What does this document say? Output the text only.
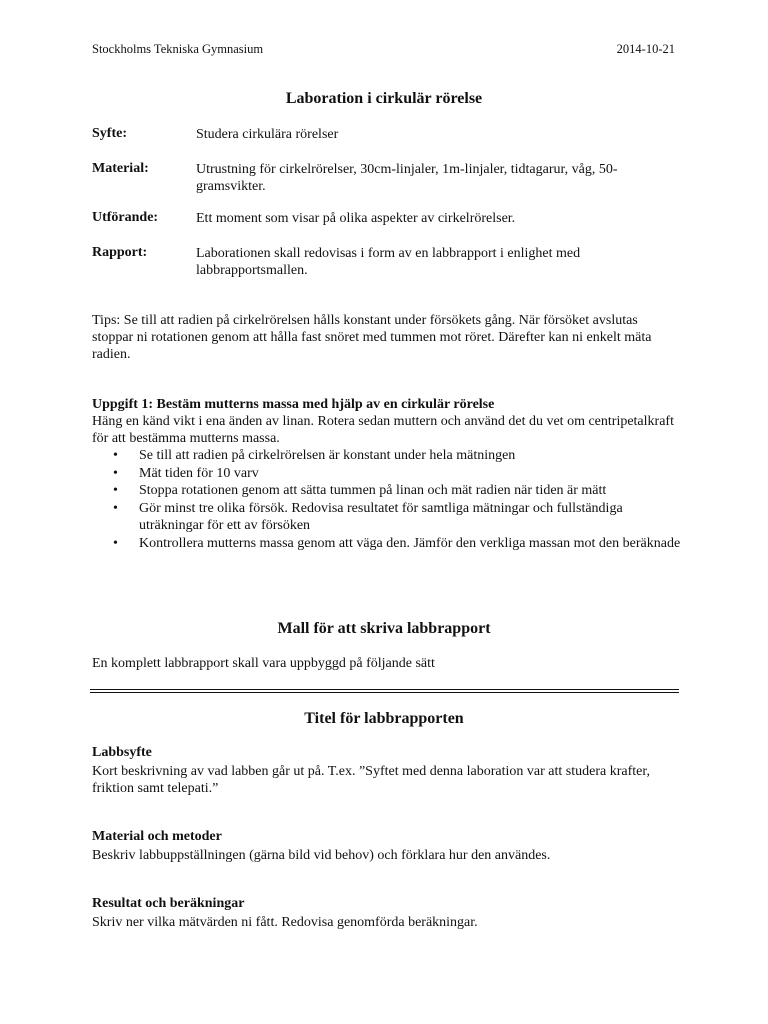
Stockholms Tekniska Gymnasium	2014-10-21
Laboration i cirkulär rörelse
Syfte:	Studera cirkulära rörelser
Material:	Utrustning för cirkelrörelser, 30cm-linjaler, 1m-linjaler, tidtagarur, våg, 50-gramsvikter.
Utförande:	Ett moment som visar på olika aspekter av cirkelrörelser.
Rapport:	Laborationen skall redovisas i form av en labbrapport i enlighet med labbrapportsmallen.
Tips: Se till att radien på cirkelrörelsen hålls konstant under försökets gång. När försöket avslutas stoppar ni rotationen genom att hålla fast snöret med tummen mot röret. Därefter kan ni enkelt mäta radien.
Uppgift 1: Bestäm mutterns massa med hjälp av en cirkulär rörelse
Häng en känd vikt i ena änden av linan. Rotera sedan muttern och använd det du vet om centripetalkraft för att bestämma mutterns massa.
• Se till att radien på cirkelrörelsen är konstant under hela mätningen
• Mät tiden för 10 varv
• Stoppa rotationen genom att sätta tummen på linan och mät radien när tiden är mätt
• Gör minst tre olika försök. Redovisa resultatet för samtliga mätningar och fullständiga uträkningar för ett av försöken
• Kontrollera mutterns massa genom att väga den. Jämför den verkliga massan mot den beräknade
Mall för att skriva labbrapport
En komplett labbrapport skall vara uppbyggd på följande sätt
Titel för labbrapporten
Labbsyfte
Kort beskrivning av vad labben går ut på. T.ex. ”Syftet med denna laboration var att studera krafter, friktion samt telepati.”
Material och metoder
Beskriv labbuppställningen (gärna bild vid behov) och förklara hur den användes.
Resultat och beräkningar
Skriv ner vilka mätvärden ni fått. Redovisa genomförda beräkningar.
